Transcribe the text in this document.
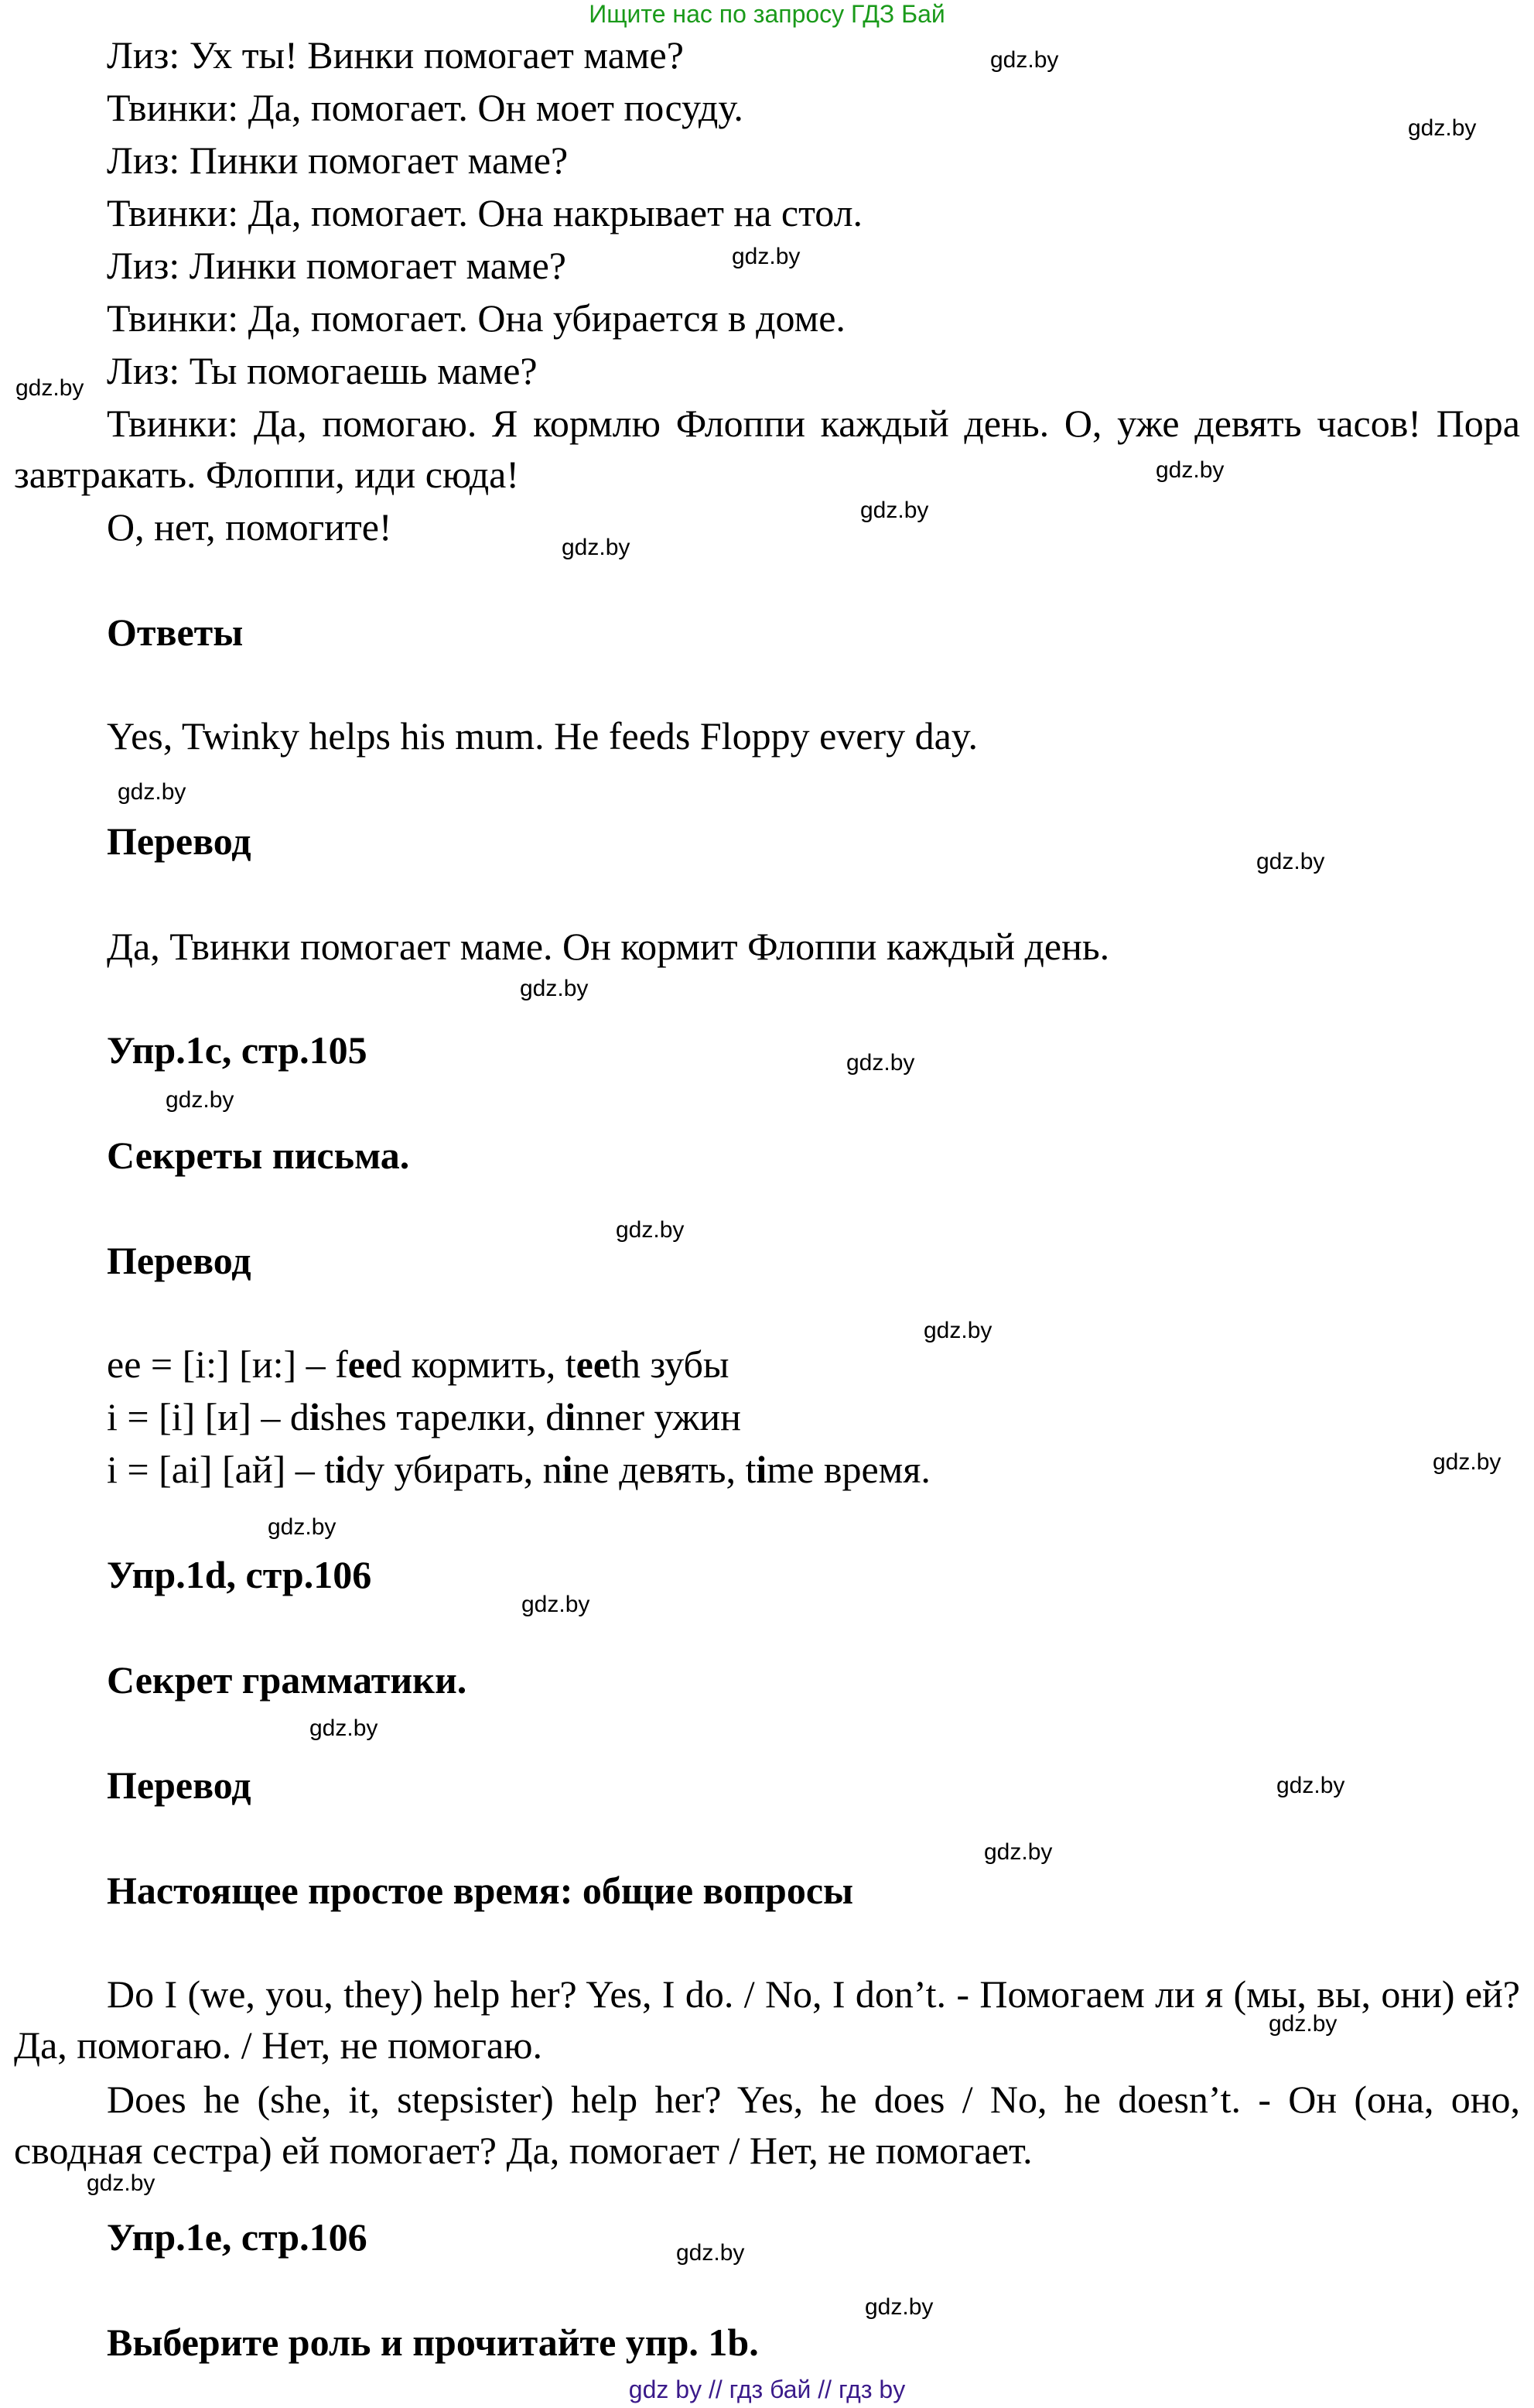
Ищите нас по запросу ГДЗ Бай

Лиз: Ух ты! Винки помогает маме?

Твинки: Да, помогает. Он моет посуду.

Лиз: Пинки помогает маме?

Твинки: Да, помогает. Она накрывает на стол.

Лиз: Линки помогает маме?

Твинки: Да, помогает. Она убирается в доме.

Лиз: Ты помогаешь маме?

Твинки: Да, помогаю. Я кормлю Флоппи каждый день. О, уже девять часов! Пора завтракать. Флоппи, иди сюда!

О, нет, помогите!

Ответы

Yes, Twinky helps his mum. He feeds Floppy every day.

Перевод

Да, Твинки помогает маме. Он кормит Флоппи каждый день.

Упр.1c, стр.105

Секреты письма.

Перевод

ee = [i:] [и:] – feed кормить, teeth зубы

i = [i] [и] – dishes тарелки, dinner ужин

i = [ai] [ай] – tidy убирать, nine девять, time время.

Упр.1d, стр.106

Секрет грамматики.

Перевод

Настоящее простое время: общие вопросы

Do I (we, you, they) help her? Yes, I do. / No, I don’t. - Помогаем ли я (мы, вы, они) ей? Да, помогаю. / Нет, не помогаю.

Does he (she, it, stepsister) help her? Yes, he does / No, he doesn’t. - Он (она, оно, сводная сестра) ей помогает? Да, помогает / Нет, не помогает.

Упр.1e, стр.106

Выберите роль и прочитайте упр. 1b.

gdz.by
gdz.by
gdz.by
gdz.by
gdz.by
gdz.by
gdz.by
gdz.by
gdz.by
gdz.by
gdz.by
gdz.by
gdz.by
gdz.by
gdz.by
gdz.by
gdz.by
gdz.by
gdz.by
gdz.by
gdz.by
gdz.by
gdz.by
gdz.by
gdz by // гдз бай // гдз by
